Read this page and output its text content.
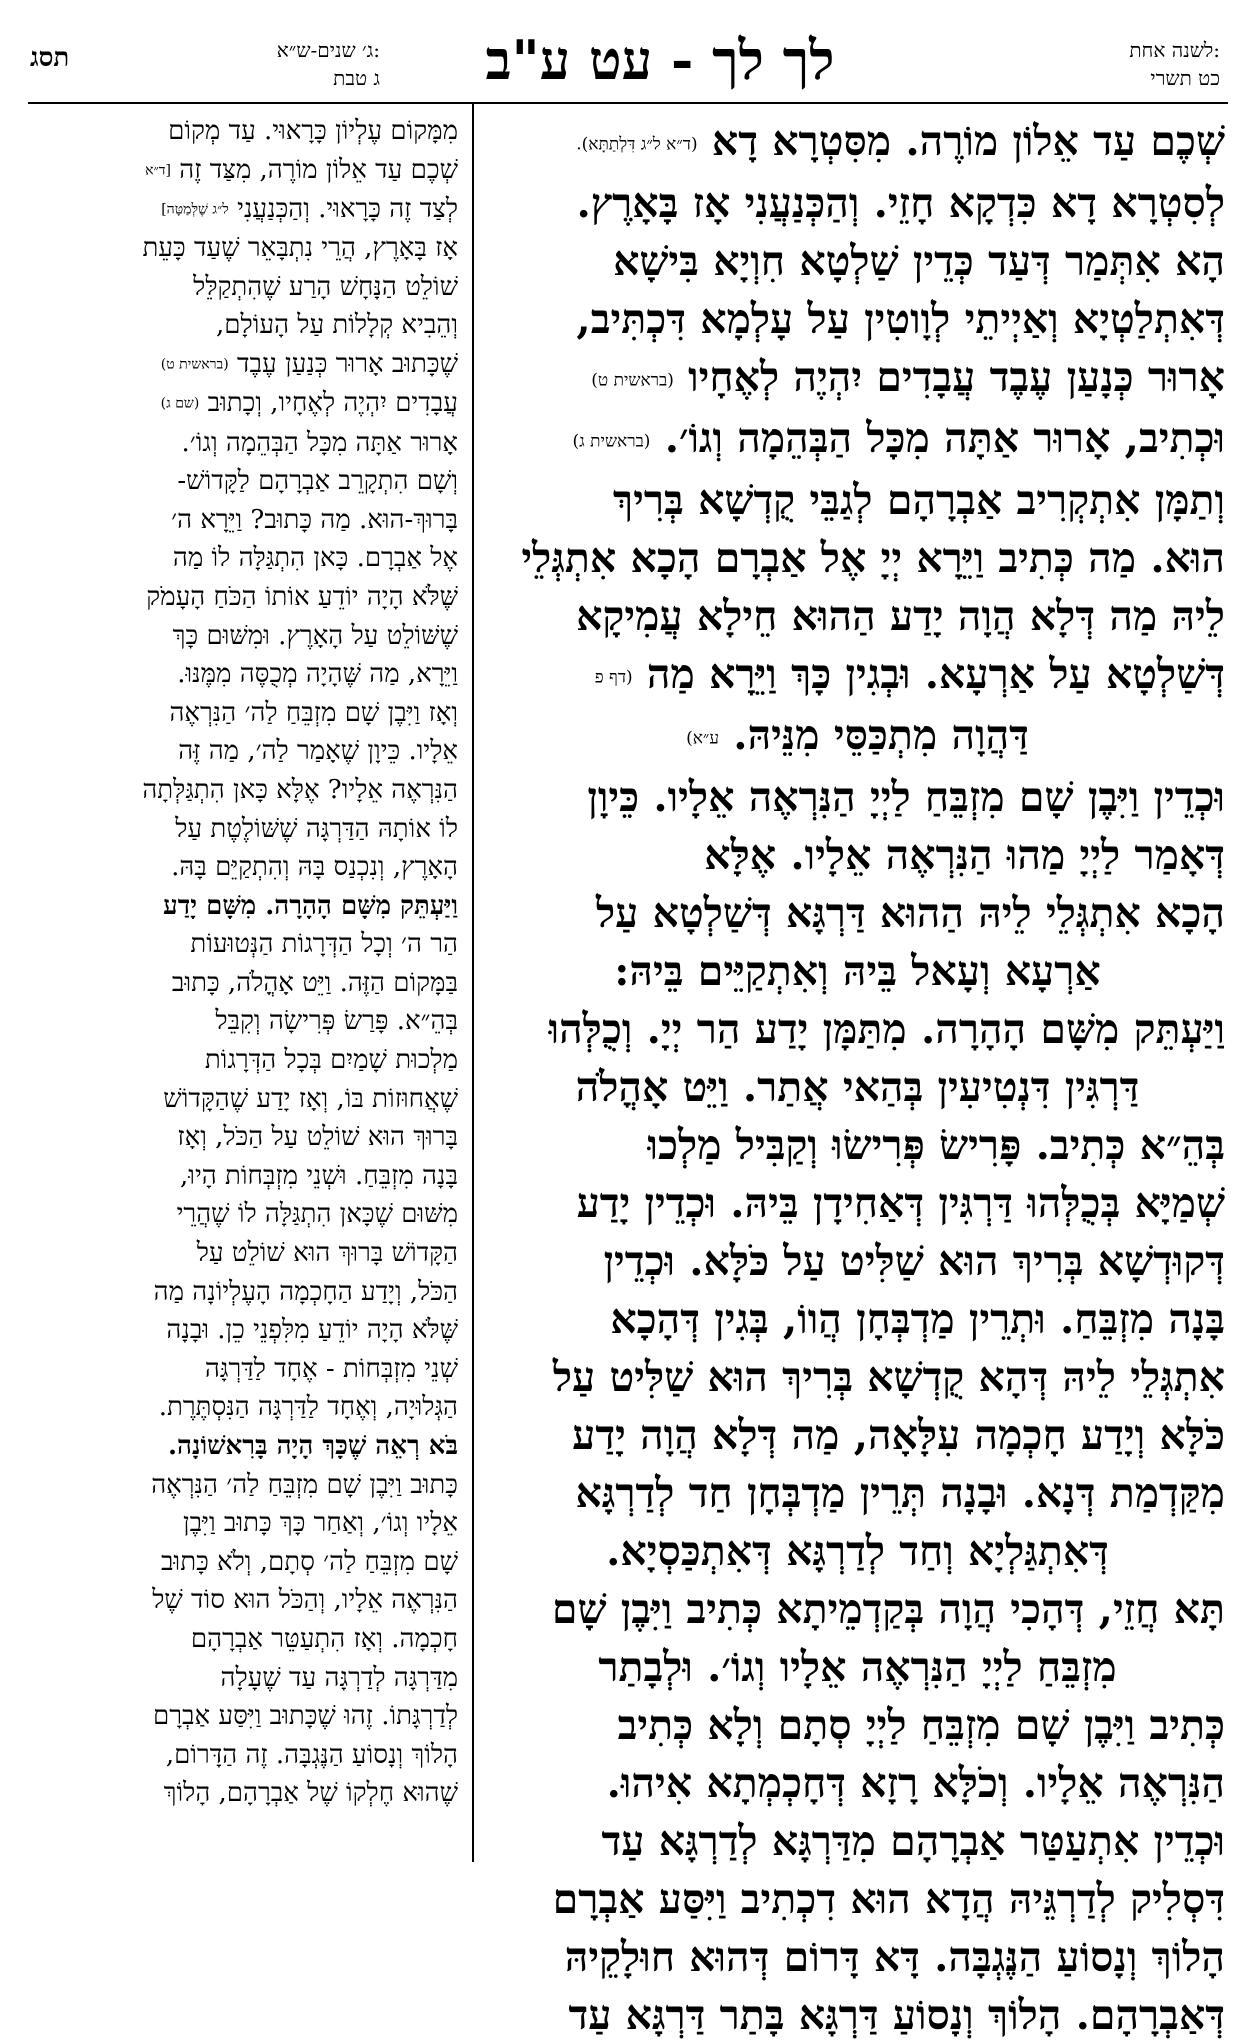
לשנה אחת:
כט תשרי
לך לך - עט ע"ב
ג׳ שנים-ש״א:
ג טבת
תסג

שְׁכֶם עַד אֵלוֹן מוֹרֶה. מִסִּטְרָא דָא (ד״א ל״ג דִּלְתַתָּא).

לְסִטְרָא דָא כִּדְקָא חָזֵי. וְהַכְּנַעֲנִי אָז בָּאָרֶץ.

הָא אִתְּמַר דְּעַד כְּדֵין שַׁלְטָא חִוְיָא בִּישָׁא

דְּאִתְלַטְיָא וְאַיְיתֵי לְוָוטִין עַל עָלְמָא דִּכְתִּיב,

אָרוּר כְּנָעַן עֶבֶד עֲבָדִים יִהְיֶה לְאֶחָיו (בראשית ט)

וּכְתִיב, אָרוּר אַתָּה מִכָּל הַבְּהֵמָה וְגוֹ׳. (בראשית ג)

וְתַמָּן אִתְקְרִיב אַבְרָהָם לְגַבֵּי קֻדְשָׁא בְּרִיךְ

הוּא. מַה כְּתִיב וַיֵּרָא יְיָ אֶל אַבְרָם הָכָא אִתְגְּלֵי

לֵיהּ מַה דְּלָא הֲוָה יָדַע הַהוּא חֵילָא עֲמִיקָא

דְּשַׁלְטָא עַל אַרְעָא. וּבְגִין כָּךְ וַיֵּרָא מַה (דף פ

דַּהֲוָה מִתְכַּסֵּי מִנֵּיהּ. ע״א)

וּכְדֵין וַיִּבֶן שָׁם מִזְבֵּחַ לַיְיָ הַנִּרְאֶה אֵלָיו. כֵּיוָן

דְּאָמַר לַיְיָ מַהוּ הַנִּרְאֶה אֵלָיו. אֶלָּא

הָכָא אִתְגְּלֵי לֵיהּ הַהוּא דַּרְגָּא דְּשַׁלְטָא עַל

אַרְעָא וְעָאל בֵּיהּ וְאִתְקַיֵּים בֵּיהּ:

וַיַּעְתֵּק מִשָּׁם הָהָרָה. מִתַּמָּן יָדַע הַר יְיָ. וְכֻלְּהוּ

דַּרְגִּין דִּנְטִיעִין בְּהַאי אֲתַר. וַיֵּט אָהֳלֹה

בְּהֵ״א כְּתִיב. פָּרִישׂ פְּרִישׂוּ וְקַבִּיל מַלְכוּ

שְׁמַיָּא בְּכֻלְּהוּ דַּרְגִּין דְּאַחִידָן בֵּיהּ. וּכְדֵין יָדַע

דְּקוּדְשָׁא בְּרִיךְ הוּא שַׁלִּיט עַל כֹּלָּא. וּכְדֵין

בָּנָה מִזְבֵּחַ. וּתְרֵין מַדְבְּחָן הֲווֹ, בְּגִין דְּהָכָא

אִתְגְּלֵי לֵיהּ דְּהָא קֻדְשָׁא בְּרִיךְ הוּא שַׁלִּיט עַל

כֹּלָּא וְיָדַע חָכְמָה עִלָּאָה, מַה דְּלָא הֲוָה יָדַע

מִקַּדְמַת דְּנָא. וּבָנָה תְּרֵין מַדְבְּחָן חַד לְדַרְגָּא

דְּאִתְגַּלְיָא וְחַד לְדַרְגָּא דְּאִתְכַּסְיָא.

תָּא חֲזֵי, דְּהָכִי הֲוָה בְּקַדְמֵיתָא כְּתִיב וַיִּבֶן שָׁם

מִזְבֵּחַ לַיְיָ הַנִּרְאֶה אֵלָיו וְגוֹ׳. וּלְבָתַר

כְּתִיב וַיִּבֶן שָׁם מִזְבֵּחַ לַיְיָ סְתָם וְלָא כְּתִיב

הַנִּרְאֶה אֵלָיו. וְכֹלָּא רָזָא דְּחָכְמְתָא אִיהוּ.

וּכְדֵין אִתְעַטַּר אַבְרָהָם מִדַּרְגָּא לְדַרְגָּא עַד

דִּסְלִיק לְדַרְגֵּיהּ הֲדָא הוּא דִכְתִיב וַיִּסַּע אַבְרָם

הָלוֹךְ וְנָסוֹעַ הַנֶּגְבָּה. דָּא דָּרוֹם דְּהוּא חוּלָקֵיהּ

דְּאַבְרָהָם. הָלוֹךְ וְנָסוֹעַ דַּרְגָּא בָּתַר דַּרְגָּא עַד

מִמָּקוֹם עֶלְיוֹן כָּרָאוּי. עַד מְקוֹם

שְׁכֶם עַד אֵלוֹן מוֹרֶה, מִצַּד זֶה [ד״א

לְצַד זֶה כָּרָאוּי. וְהַכְּנַעֲנִי ל״ג שֶׁלְּמַטָּה]

אָז בָּאָרֶץ, הֲרֵי נִתְבָּאֵר שֶׁעַד כָּעֵת

שׁוֹלֵט הַנָּחָשׁ הָרַע שֶׁהִתְקַלֵּל

וְהֵבִיא קְלָלוֹת עַל הָעוֹלָם,

שֶׁכָּתוּב אָרוּר כְּנַעַן עֶבֶד (בראשית ט)

עֲבָדִים יִהְיֶה לְאֶחָיו, וְכָתוּב (שם ג)

אָרוּר אַתָּה מִכָּל הַבְּהֵמָה וְגוֹ׳.

וְשָׁם הִתְקָרֵב אַבְרָהָם לַקָּדוֹשׁ-

בָּרוּךְ-הוּא. מַה כָּתוּב? וַיֵּרָא ה׳

אֶל אַבְרָם. כָּאן הִתְגַּלָּה לוֹ מַה

שֶּׁלֹּא הָיָה יוֹדֵעַ אוֹתוֹ הַכֹּחַ הָעָמֹק

שֶׁשּׁוֹלֵט עַל הָאָרֶץ. וּמִשּׁוּם כָּךְ

וַיֵּרָא, מַה שֶּׁהָיָה מְכֻסֶּה מִמֶּנּוּ.

וְאָז וַיִּבֶן שָׁם מִזְבֵּחַ לַה׳ הַנִּרְאֶה

אֵלָיו. כֵּיוָן שֶׁאָמַר לַה׳, מַה זֶּה

הַנִּרְאֶה אֵלָיו? אֶלָּא כָּאן הִתְגַּלְּתָה

לוֹ אוֹתָהּ הַדַּרְגָּה שֶׁשּׁוֹלֶטֶת עַל

הָאָרֶץ, וְנִכְנַס בָּהּ וְהִתְקַיֵּם בָּהּ.

וַיַּעְתֵּק מִשָּׁם הָהָרָה. מִשָּׁם יָדַע

הַר ה׳ וְכָל הַדְּרָגוֹת הַנְּטוּעוֹת

בַּמָּקוֹם הַזֶּה. וַיֵּט אָהֳלֹה, כָּתוּב

בְּהֵ״א. פָּרַשׂ פְּרִישָׂה וְקִבֵּל

מַלְכוּת שָׁמַיִם בְּכָל הַדְּרָגוֹת

שֶׁאֲחוּזוֹת בּוֹ, וְאָז יָדַע שֶׁהַקָּדוֹשׁ

בָּרוּךְ הוּא שׁוֹלֵט עַל הַכֹּל, וְאָז

בָּנָה מִזְבֵּחַ. וּשְׁנֵי מִזְבְּחוֹת הָיוּ,

מִשּׁוּם שֶׁכָּאן הִתְגַּלָּה לוֹ שֶׁהֲרֵי

הַקָּדוֹשׁ בָּרוּךְ הוּא שׁוֹלֵט עַל

הַכֹּל, וְיָדַע הַחָכְמָה הָעֶלְיוֹנָה מַה

שֶּׁלֹּא הָיָה יוֹדֵעַ מִלִּפְנֵי כֵן. וּבָנָה

שְׁנֵי מִזְבְּחוֹת - אֶחָד לַדַּרְגָּה

הַגְּלוּיָה, וְאֶחָד לַדַּרְגָּה הַנִּסְתֶּרֶת.

בֹּא רְאֵה שֶׁכָּךְ הָיָה בָּרִאשׁוֹנָה.

כָּתוּב וַיִּבֶן שָׁם מִזְבֵּחַ לַה׳ הַנִּרְאֶה

אֵלָיו וְגוֹ׳, וְאַחַר כָּךְ כָּתוּב וַיִּבֶן

שָׁם מִזְבֵּחַ לַה׳ סְתָם, וְלֹא כָּתוּב

הַנִּרְאֶה אֵלָיו, וְהַכֹּל הוּא סוֹד שֶׁל

חָכְמָה. וְאָז הִתְעַטֵּר אַבְרָהָם

מִדַּרְגָּה לְדַרְגָּה עַד שֶׁעָלָה

לְדַרְגָּתוֹ. זֶהוּ שֶׁכָּתוּב וַיִּסַּע אַבְרָם

הָלוֹךְ וְנָסוֹעַ הַנֶּגְבָּה. זֶה הַדָּרוֹם,

שֶׁהוּא חֶלְקוֹ שֶׁל אַבְרָהָם, הָלוֹךְ
